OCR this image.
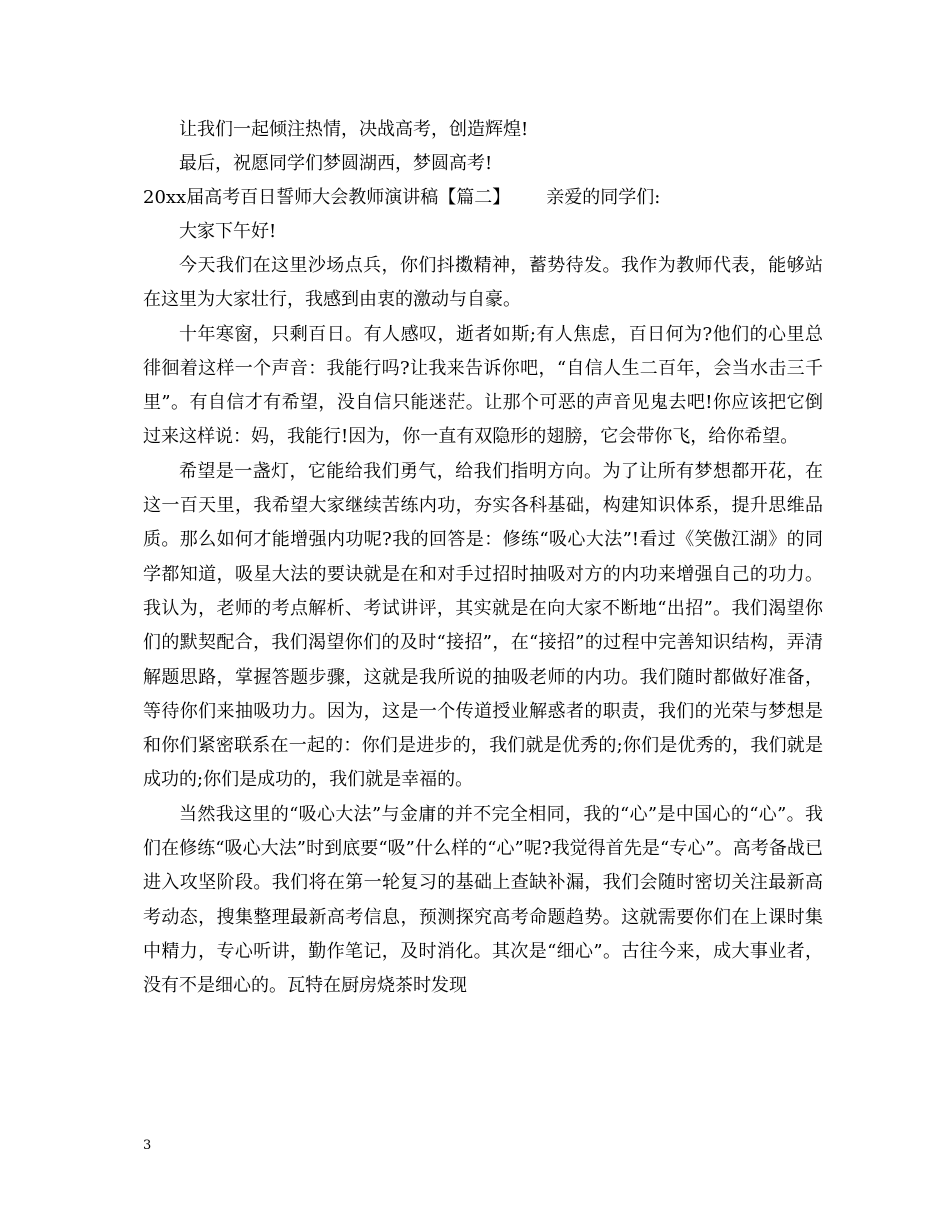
让我们一起倾注热情，决战高考，创造辉煌!
最后，祝愿同学们梦圆湖西，梦圆高考!
20xx届高考百日誓师大会教师演讲稿【篇二】 亲爱的同学们:
大家下午好!

今天我们在这里沙场点兵，你们抖擞精神，蓄势待发。我作为教师代表，能够站在这里为大家壮行，我感到由衷的激动与自豪。

十年寒窗，只剩百日。有人感叹，逝者如斯;有人焦虑，百日何为?他们的心里总徘徊着这样一个声音：我能行吗?让我来告诉你吧，“自信人生二百年，会当水击三千里”。有自信才有希望，没自信只能迷茫。让那个可恶的声音见鬼去吧!你应该把它倒过来这样说：妈，我能行!因为，你一直有双隐形的翅膀，它会带你飞，给你希望。

希望是一盏灯，它能给我们勇气，给我们指明方向。为了让所有梦想都开花，在这一百天里，我希望大家继续苦练内功，夯实各科基础，构建知识体系，提升思维品质。那么如何才能增强内功呢?我的回答是：修练“吸心大法”!看过《笑傲江湖》的同学都知道，吸星大法的要诀就是在和对手过招时抽吸对方的内功来增强自己的功力。我认为，老师的考点解析、考试讲评，其实就是在向大家不断地“出招”。我们渴望你们的默契配合，我们渴望你们的及时“接招”，在“接招”的过程中完善知识结构，弄清解题思路，掌握答题步骤，这就是我所说的抽吸老师的内功。我们随时都做好准备，等待你们来抽吸功力。因为，这是一个传道授业解惑者的职责，我们的光荣与梦想是和你们紧密联系在一起的：你们是进步的，我们就是优秀的;你们是优秀的，我们就是成功的;你们是成功的，我们就是幸福的。

当然我这里的“吸心大法”与金庸的并不完全相同，我的“心”是中国心的“心”。我们在修练“吸心大法”时到底要“吸”什么样的“心”呢?我觉得首先是“专心”。高考备战已进入攻坚阶段。我们将在第一轮复习的基础上查缺补漏，我们会随时密切关注最新高考动态，搜集整理最新高考信息，预测探究高考命题趋势。这就需要你们在上课时集中精力，专心听讲，勤作笔记，及时消化。其次是“细心”。古往今来，成大事业者，没有不是细心的。瓦特在厨房烧茶时发现

3
